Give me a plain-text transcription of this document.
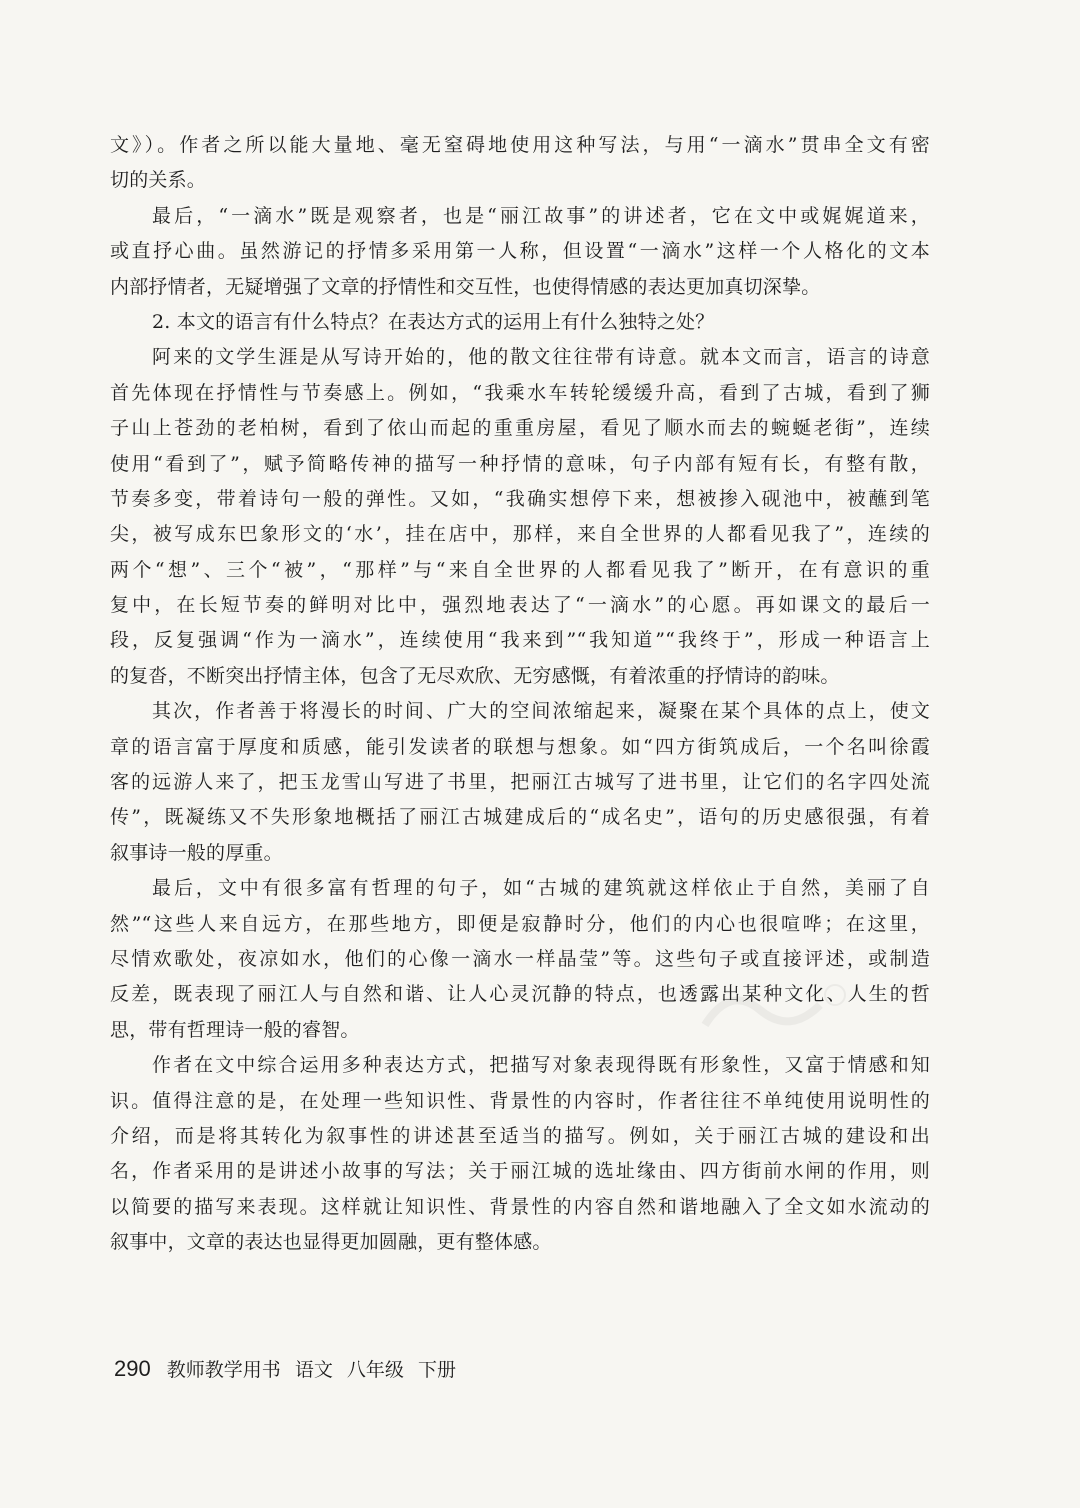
文》）。作者之所以能大量地、毫无窒碍地使用这种写法，与用“一滴水”贯串全文有密
切的关系。
最后，“一滴水”既是观察者，也是“丽江故事”的讲述者，它在文中或娓娓道来，
或直抒心曲。虽然游记的抒情多采用第一人称，但设置“一滴水”这样一个人格化的文本
内部抒情者，无疑增强了文章的抒情性和交互性，也使得情感的表达更加真切深挚。
2. 本文的语言有什么特点？在表达方式的运用上有什么独特之处？
阿来的文学生涯是从写诗开始的，他的散文往往带有诗意。就本文而言，语言的诗意
首先体现在抒情性与节奏感上。例如，“我乘水车转轮缓缓升高，看到了古城，看到了狮
子山上苍劲的老柏树，看到了依山而起的重重房屋，看见了顺水而去的蜿蜒老街”，连续
使用“看到了”，赋予简略传神的描写一种抒情的意味，句子内部有短有长，有整有散，
节奏多变，带着诗句一般的弹性。又如，“我确实想停下来，想被掺入砚池中，被蘸到笔
尖，被写成东巴象形文的‘水’，挂在店中，那样，来自全世界的人都看见我了”，连续的
两个“想”、三个“被”，“那样”与“来自全世界的人都看见我了”断开，在有意识的重
复中，在长短节奏的鲜明对比中，强烈地表达了“一滴水”的心愿。再如课文的最后一
段，反复强调“作为一滴水”，连续使用“我来到”“我知道”“我终于”，形成一种语言上
的复沓，不断突出抒情主体，包含了无尽欢欣、无穷感慨，有着浓重的抒情诗的韵味。
其次，作者善于将漫长的时间、广大的空间浓缩起来，凝聚在某个具体的点上，使文
章的语言富于厚度和质感，能引发读者的联想与想象。如“四方街筑成后，一个名叫徐霞
客的远游人来了，把玉龙雪山写进了书里，把丽江古城写了进书里，让它们的名字四处流
传”，既凝练又不失形象地概括了丽江古城建成后的“成名史”，语句的历史感很强，有着
叙事诗一般的厚重。
最后，文中有很多富有哲理的句子，如“古城的建筑就这样依止于自然，美丽了自
然”“这些人来自远方，在那些地方，即便是寂静时分，他们的内心也很喧哗；在这里，
尽情欢歌处，夜凉如水，他们的心像一滴水一样晶莹”等。这些句子或直接评述，或制造
反差，既表现了丽江人与自然和谐、让人心灵沉静的特点，也透露出某种文化、人生的哲
思，带有哲理诗一般的睿智。
作者在文中综合运用多种表达方式，把描写对象表现得既有形象性，又富于情感和知
识。值得注意的是，在处理一些知识性、背景性的内容时，作者往往不单纯使用说明性的
介绍，而是将其转化为叙事性的讲述甚至适当的描写。例如，关于丽江古城的建设和出
名，作者采用的是讲述小故事的写法；关于丽江城的选址缘由、四方街前水闸的作用，则
以简要的描写来表现。这样就让知识性、背景性的内容自然和谐地融入了全文如水流动的
叙事中，文章的表达也显得更加圆融，更有整体感。
290 教师教学用书 语文 八年级 下册
